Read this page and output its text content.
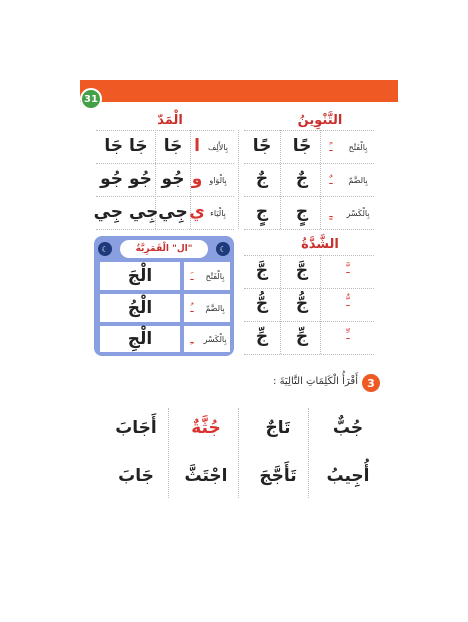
31
التَّنْوِينُ
الْمَدّ
الشَّدَّةُ
بِالْفَتْح
ـً
جًا
جًا
بِالضَّمّ
ـٌ
جٌ
جٌ
بِالْكَسْر
ـٍ
جٍ
جٍ
بِالأَلِف
ا
جَا
جَا جَا
بِالْوَاو
و
جُو
جُو جُو
بِالْيَاء
ي
جِي
جِي جِي
ـَّ
جَّ
جَّ
ـُّ
جُّ
جُّ
ـِّ
جِّ
جِّ
"ال" الْقَمَرِيَّةُ
☾	☾
بِالْفَتْح
ـَ
الْجَ
بِالضَّمّ
ـُ
الْجُ
بِالْكَسْر
ـِ
الْجِ
3
أَقْرَأُ الْكَلِمَاتِ التَّالِيَةَ :
جُبٌّ
تَاجٌ
جُثَّةٌ
أَجَابَ
أُجِيبُ
تَأَجَّجَ
اجْتَثَّ
جَابَ
